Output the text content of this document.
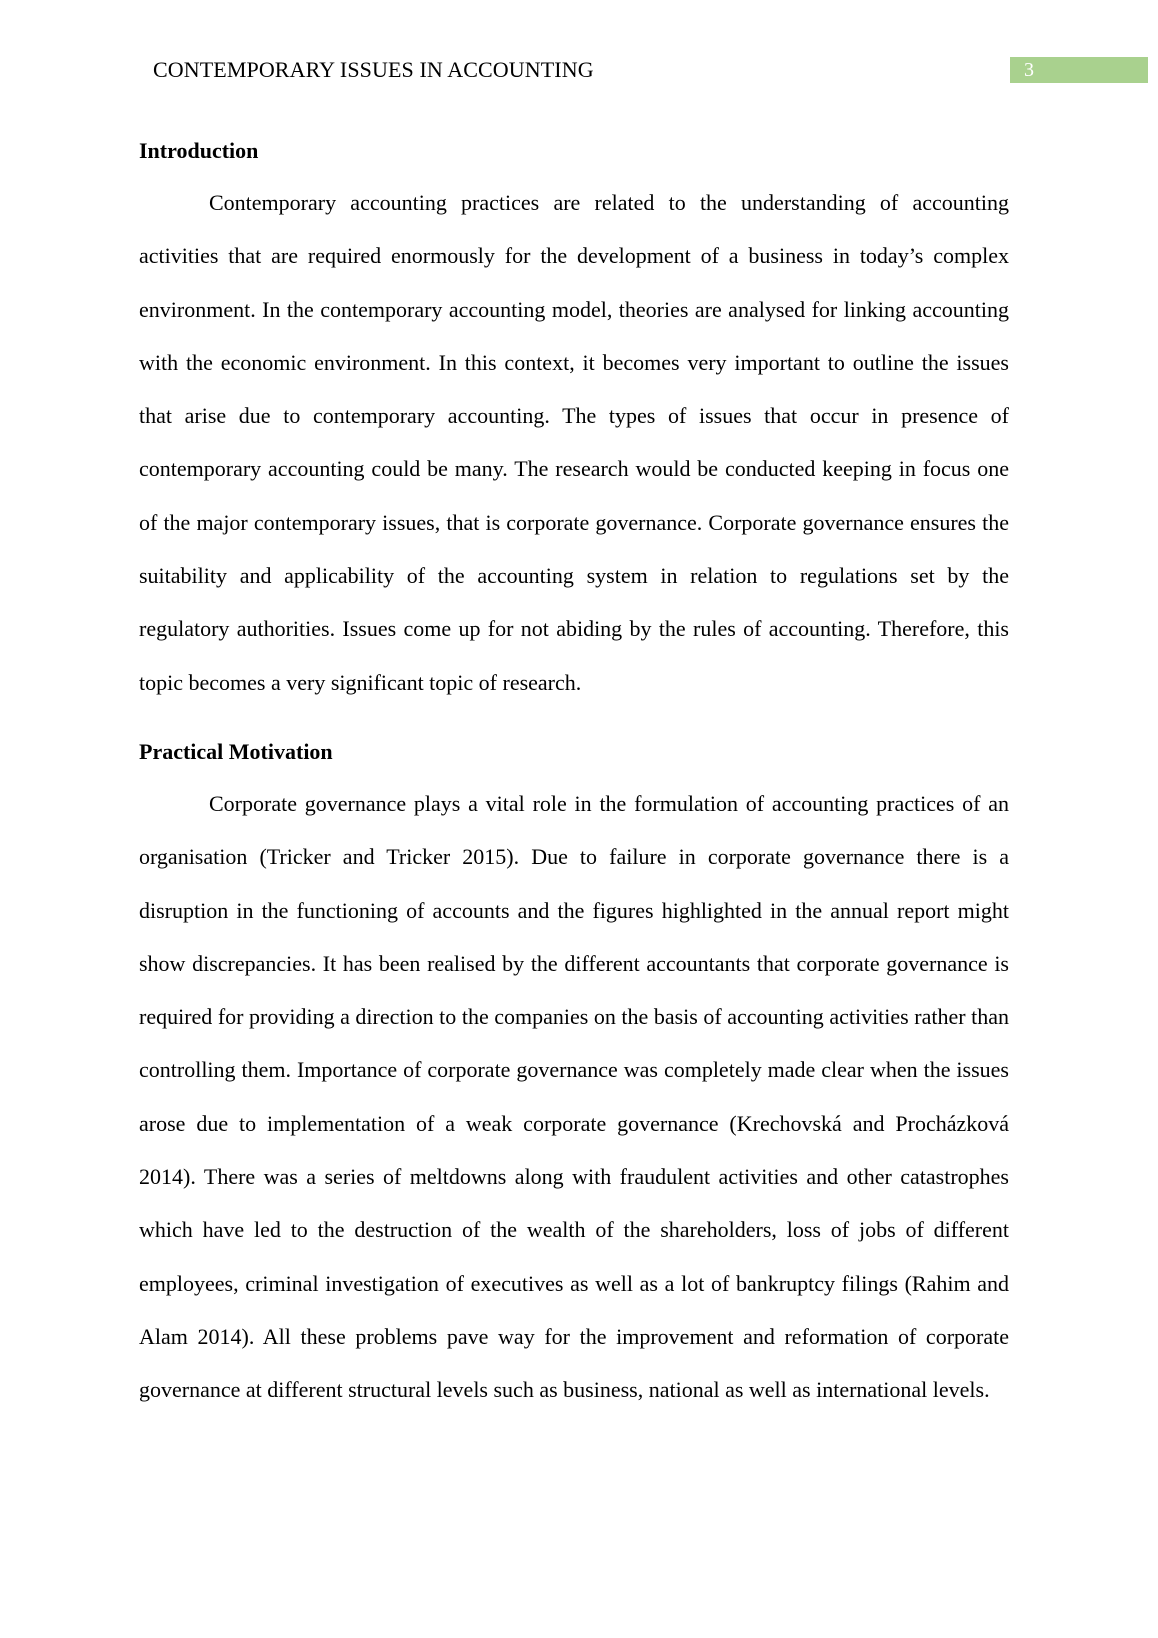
CONTEMPORARY ISSUES IN ACCOUNTING	3
Introduction

Contemporary accounting practices are related to the understanding of accounting activities that are required enormously for the development of a business in today’s complex environment. In the contemporary accounting model, theories are analysed for linking accounting with the economic environment. In this context, it becomes very important to outline the issues that arise due to contemporary accounting. The types of issues that occur in presence of contemporary accounting could be many. The research would be conducted keeping in focus one of the major contemporary issues, that is corporate governance. Corporate governance ensures the suitability and applicability of the accounting system in relation to regulations set by the regulatory authorities. Issues come up for not abiding by the rules of accounting. Therefore, this topic becomes a very significant topic of research.

Practical Motivation

Corporate governance plays a vital role in the formulation of accounting practices of an organisation (Tricker and Tricker 2015). Due to failure in corporate governance there is a disruption in the functioning of accounts and the figures highlighted in the annual report might show discrepancies. It has been realised by the different accountants that corporate governance is required for providing a direction to the companies on the basis of accounting activities rather than controlling them. Importance of corporate governance was completely made clear when the issues arose due to implementation of a weak corporate governance (Krechovská and Procházková 2014). There was a series of meltdowns along with fraudulent activities and other catastrophes which have led to the destruction of the wealth of the shareholders, loss of jobs of different employees, criminal investigation of executives as well as a lot of bankruptcy filings (Rahim and Alam 2014). All these problems pave way for the improvement and reformation of corporate governance at different structural levels such as business, national as well as international levels.
